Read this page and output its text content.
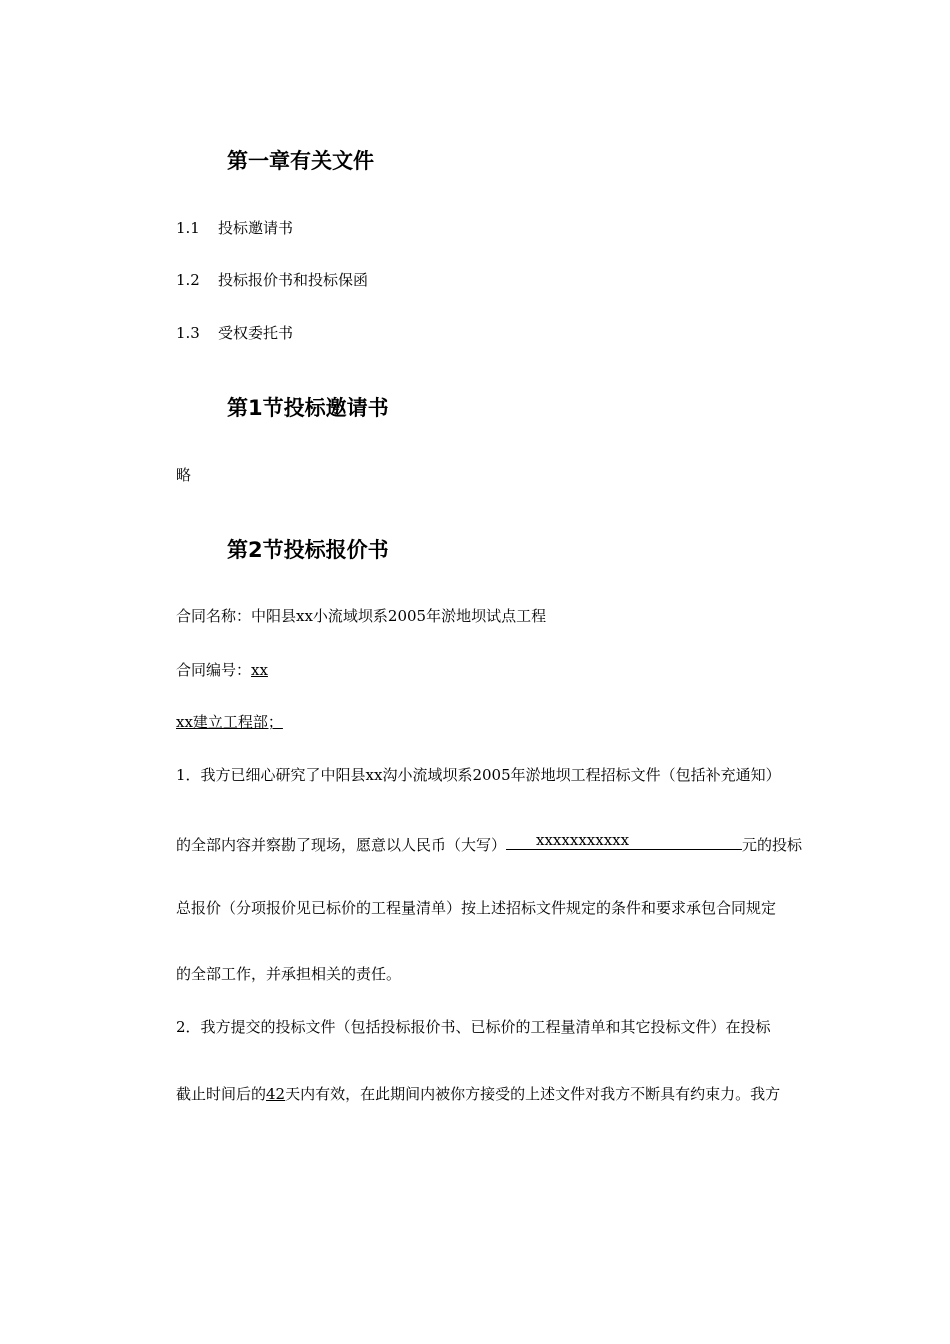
第一章有关文件
1.1 投标邀请书
1.2 投标报价书和投标保函
1.3 受权委托书
第1节投标邀请书
略
第2节投标报价书
合同名称：中阳县xx小流域坝系2005年淤地坝试点工程
合同编号：xx
xx建立工程部；
1．我方已细心研究了中阳县xx沟小流域坝系2005年淤地坝工程招标文件（包括补充通知）
的全部内容并察勘了现场，愿意以人民币（大写） xxxxxxxxxxx	元的投标
总报价（分项报价见已标价的工程量清单）按上述招标文件规定的条件和要求承包合同规定
的全部工作，并承担相关的责任。
2．我方提交的投标文件（包括投标报价书、已标价的工程量清单和其它投标文件）在投标
截止时间后的42天内有效，在此期间内被你方接受的上述文件对我方不断具有约束力。我方
